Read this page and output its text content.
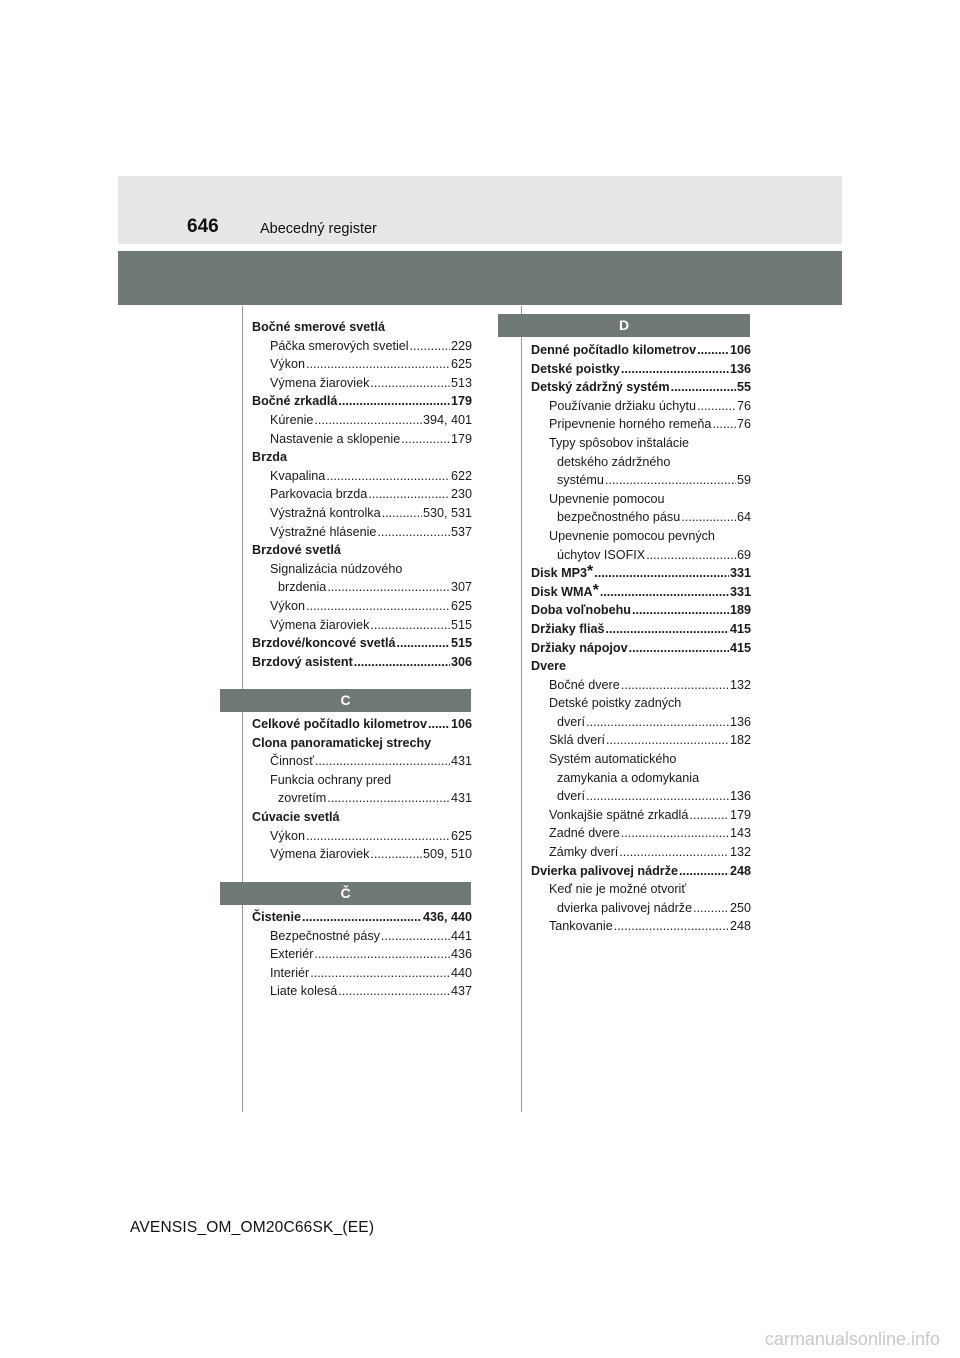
646	Abecedný register
Bočné smerové svetlá
Páčka smerových svetiel .....	229
Výkon .....	625
Výmena žiaroviek .....	513
Bočné zrkadlá .....	179
Kúrenie .....	394, 401
Nastavenie a sklopenie .....	179
Brzda
Kvapalina .....	622
Parkovacia brzda .....	230
Výstražná kontrolka .....	530, 531
Výstražné hlásenie .....	537
Brzdové svetlá
Signalizácia núdzového
brzdenia .....	307
Výkon .....	625
Výmena žiaroviek .....	515
Brzdové/koncové svetlá .....	515
Brzdový asistent .....	306
C
Celkové počítadlo kilometrov ..... 106
Clona panoramatickej strechy
Činnosť .....	431
Funkcia ochrany pred
zovretím .....	431
Cúvacie svetlá
Výkon .....	625
Výmena žiaroviek .....	509, 510
Č
Čistenie .....	436, 440
Bezpečnostné pásy .....	441
Exteriér .....	436
Interiér .....	440
Liate kolesá .....	437
D
Denné počítadlo kilometrov .....	106
Detské poistky .....	136
Detský zádržný systém .....	55
Používanie držiaku úchytu .....	76
Pripevnenie horného remeňa ..... 76
Typy spôsobov inštalácie
detského zádržného
systému .....	59
Upevnenie pomocou
bezpečnostného pásu .....	64
Upevnenie pomocou pevných
úchytov ISOFIX .....	69
Disk MP3* .....	331
Disk WMA* .....	331
Doba voľnobehu .....	189
Držiaky fliaš .....	415
Držiaky nápojov .....	415
Dvere
Bočné dvere .....	132
Detské poistky zadných
dverí .....	136
Sklá dverí .....	182
Systém automatického
zamykania a odomykania
dverí .....	136
Vonkajšie spätné zrkadlá .....	179
Zadné dvere .....	143
Zámky dverí .....	132
Dvierka palivovej nádrže .....	248
Keď nie je možné otvoriť
dvierka palivovej nádrže .....	250
Tankovanie .....	248
AVENSIS_OM_OM20C66SK_(EE)
carmanualsonline.info
